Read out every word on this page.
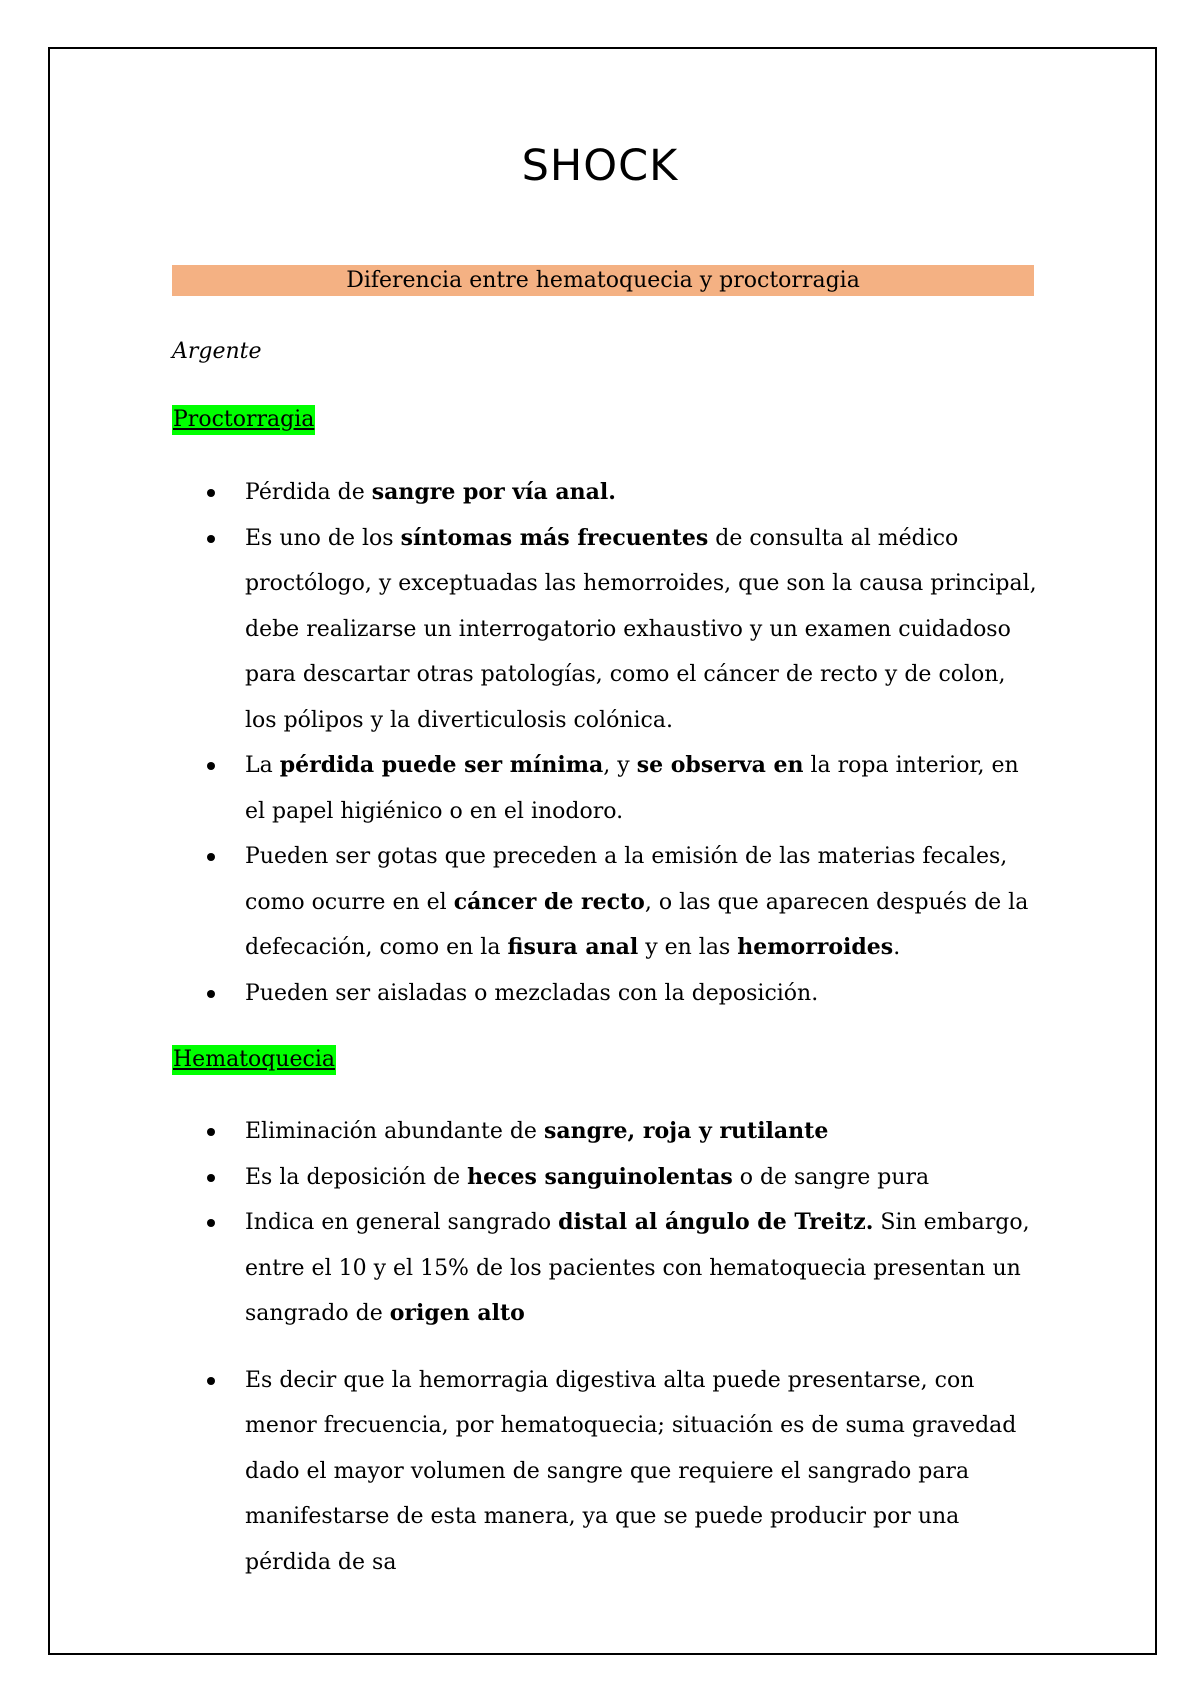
SHOCK
Diferencia entre hematoquecia y proctorragia
Argente
Proctorragia
Pérdida de sangre por vía anal.
Es uno de los síntomas más frecuentes de consulta al médico proctólogo, y exceptuadas las hemorroides, que son la causa principal, debe realizarse un interrogatorio exhaustivo y un examen cuidadoso para descartar otras patologías, como el cáncer de recto y de colon, los pólipos y la diverticulosis colónica.
La pérdida puede ser mínima, y se observa en la ropa interior, en el papel higiénico o en el inodoro.
Pueden ser gotas que preceden a la emisión de las materias fecales, como ocurre en el cáncer de recto, o las que aparecen después de la defecación, como en la fisura anal y en las hemorroides.
Pueden ser aisladas o mezcladas con la deposición.
Hematoquecia
Eliminación abundante de sangre, roja y rutilante
Es la deposición de heces sanguinolentas o de sangre pura
Indica en general sangrado distal al ángulo de Treitz. Sin embargo, entre el 10 y el 15% de los pacientes con hematoquecia presentan un sangrado de origen alto
Es decir que la hemorragia digestiva alta puede presentarse, con menor frecuencia, por hematoquecia; situación es de suma gravedad dado el mayor volumen de sangre que requiere el sangrado para manifestarse de esta manera, ya que se puede producir por una pérdida de sa
